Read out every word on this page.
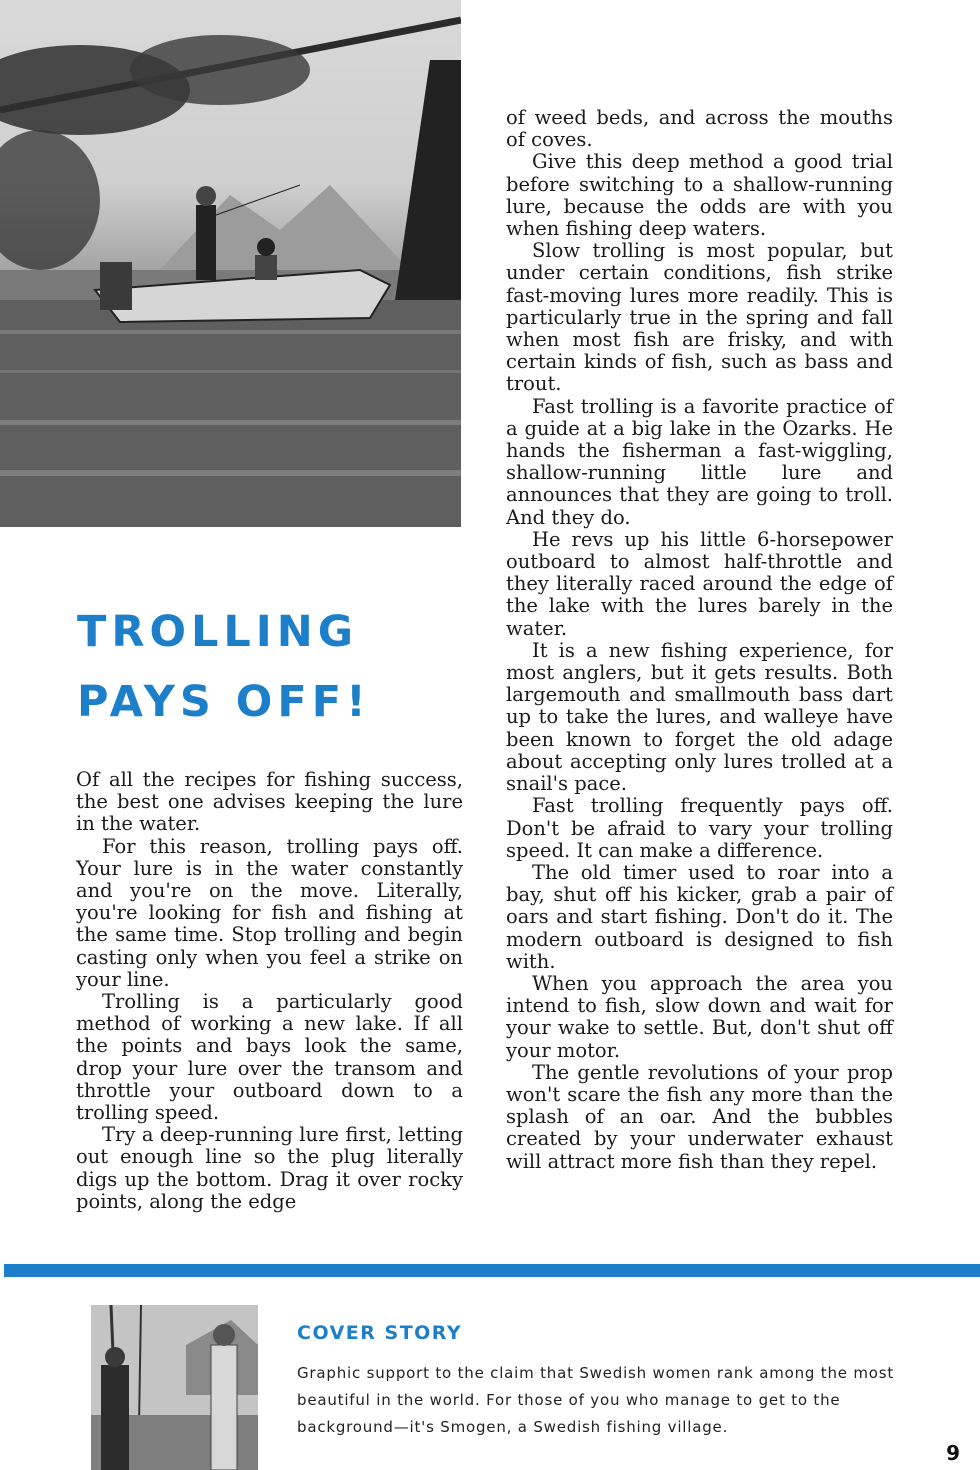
TROLLING
PAYS OFF!

Of all the recipes for fishing success, the best one advises keeping the lure in the water.

For this reason, trolling pays off. Your lure is in the water constantly and you're on the move. Literally, you're looking for fish and fishing at the same time. Stop trolling and begin casting only when you feel a strike on your line.

Trolling is a particularly good method of working a new lake. If all the points and bays look the same, drop your lure over the transom and throttle your outboard down to a trolling speed.

Try a deep-running lure first, letting out enough line so the plug literally digs up the bottom. Drag it over rocky points, along the edge

of weed beds, and across the mouths of coves.

Give this deep method a good trial before switching to a shallow-running lure, because the odds are with you when fishing deep waters.

Slow trolling is most popular, but under certain conditions, fish strike fast-moving lures more readily. This is particularly true in the spring and fall when most fish are frisky, and with certain kinds of fish, such as bass and trout.

Fast trolling is a favorite practice of a guide at a big lake in the Ozarks. He hands the fisherman a fast-wiggling, shallow-running little lure and announces that they are going to troll. And they do.

He revs up his little 6-horsepower outboard to almost half-throttle and they literally raced around the edge of the lake with the lures barely in the water.

It is a new fishing experience, for most anglers, but it gets results. Both largemouth and smallmouth bass dart up to take the lures, and walleye have been known to forget the old adage about accepting only lures trolled at a snail's pace.

Fast trolling frequently pays off. Don't be afraid to vary your trolling speed. It can make a difference.

The old timer used to roar into a bay, shut off his kicker, grab a pair of oars and start fishing. Don't do it. The modern outboard is designed to fish with.

When you approach the area you intend to fish, slow down and wait for your wake to settle. But, don't shut off your motor.

The gentle revolutions of your prop won't scare the fish any more than the splash of an oar. And the bubbles created by your underwater exhaust will attract more fish than they repel.

COVER STORY

Graphic support to the claim that Swedish women rank among the most beautiful in the world. For those of you who manage to get to the background—it's Smogen, a Swedish fishing village.

9
